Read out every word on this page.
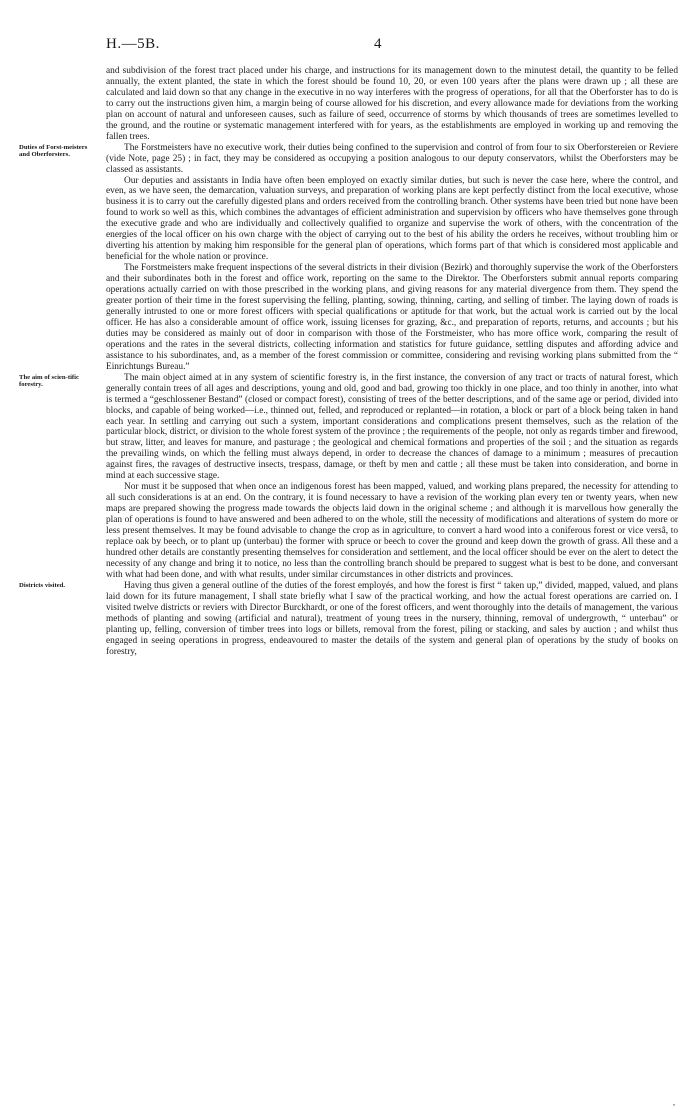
H.—5B.	4

and subdivision of the forest tract placed under his charge, and instructions for its management down to the minutest detail, the quantity to be felled annually, the extent planted, the state in which the forest should be found 10, 20, or even 100 years after the plans were drawn up ; all these are calculated and laid down so that any change in the executive in no way interferes with the progress of operations, for all that the Oberforster has to do is to carry out the instructions given him, a margin being of course allowed for his discretion, and every allowance made for deviations from the working plan on account of natural and unforeseen causes, such as failure of seed, occurrence of storms by which thousands of trees are sometimes levelled to the ground, and the routine or systematic management interfered with for years, as the establishments are employed in working up and removing the fallen trees.

Duties of Forst-meisters and Oberforsters.
The Forstmeisters have no executive work, their duties being confined to the supervision and control of from four to six Oberforstereien or Reviere (vide Note, page 25) ; in fact, they may be considered as occupying a position analogous to our deputy conservators, whilst the Oberforsters may be classed as assistants.

Our deputies and assistants in India have often been employed on exactly similar duties, but such is never the case here, where the control, and even, as we have seen, the demarcation, valuation surveys, and preparation of working plans are kept perfectly distinct from the local executive, whose business it is to carry out the carefully digested plans and orders received from the controlling branch. Other systems have been tried but none have been found to work so well as this, which combines the advantages of efficient administration and supervision by officers who have themselves gone through the executive grade and who are individually and collectively qualified to organize and supervise the work of others, with the concentration of the energies of the local officer on his own charge with the object of carrying out to the best of his ability the orders he receives, without troubling him or diverting his attention by making him responsible for the general plan of operations, which forms part of that which is considered most applicable and beneficial for the whole nation or province.

The Forstmeisters make frequent inspections of the several districts in their division (Bezirk) and thoroughly supervise the work of the Oberforsters and their subordinates both in the forest and office work, reporting on the same to the Direktor. The Oberforsters submit annual reports comparing operations actually carried on with those prescribed in the working plans, and giving reasons for any material divergence from them. They spend the greater portion of their time in the forest supervising the felling, planting, sowing, thinning, carting, and selling of timber. The laying down of roads is generally intrusted to one or more forest officers with special qualifications or aptitude for that work, but the actual work is carried out by the local officer. He has also a considerable amount of office work, issuing licenses for grazing, &c., and preparation of reports, returns, and accounts ; but his duties may be considered as mainly out of door in comparison with those of the Forstmeister, who has more office work, comparing the result of operations and the rates in the several districts, collecting information and statistics for future guidance, settling disputes and affording advice and assistance to his subordinates, and, as a member of the forest commission or committee, considering and revising working plans submitted from the “ Einrichtungs Bureau.”

The aim of scien-tific forestry.
The main object aimed at in any system of scientific forestry is, in the first instance, the conversion of any tract or tracts of natural forest, which generally contain trees of all ages and descriptions, young and old, good and bad, growing too thickly in one place, and too thinly in another, into what is termed a “geschlossener Bestand” (closed or compact forest), consisting of trees of the better descriptions, and of the same age or period, divided into blocks, and capable of being worked—i.e., thinned out, felled, and reproduced or replanted—in rotation, a block or part of a block being taken in hand each year. In settling and carrying out such a system, important considerations and complications present themselves, such as the relation of the particular block, district, or division to the whole forest system of the province ; the requirements of the people, not only as regards timber and firewood, but straw, litter, and leaves for manure, and pasturage ; the geological and chemical formations and properties of the soil ; and the situation as regards the prevailing winds, on which the felling must always depend, in order to decrease the chances of damage to a minimum ; measures of precaution against fires, the ravages of destructive insects, trespass, damage, or theft by men and cattle ; all these must be taken into consideration, and borne in mind at each successive stage.

Nor must it be supposed that when once an indigenous forest has been mapped, valued, and working plans prepared, the necessity for attending to all such considerations is at an end. On the contrary, it is found necessary to have a revision of the working plan every ten or twenty years, when new maps are prepared showing the progress made towards the objects laid down in the original scheme ; and although it is marvellous how generally the plan of operations is found to have answered and been adhered to on the whole, still the necessity of modifications and alterations of system do more or less present themselves. It may be found advisable to change the crop as in agriculture, to convert a hard wood into a coniferous forest or vice versâ, to replace oak by beech, or to plant up (unterbau) the former with spruce or beech to cover the ground and keep down the growth of grass. All these and a hundred other details are constantly presenting themselves for consideration and settlement, and the local officer should be ever on the alert to detect the necessity of any change and bring it to notice, no less than the controlling branch should be prepared to suggest what is best to be done, and conversant with what had been done, and with what results, under similar circumstances in other districts and provinces.

Districts visited.	Having thus given a general outline of the duties of the forest employés, and how the forest is first “ taken up,” divided, mapped, valued, and plans laid down for its future management, I shall state briefly what I saw of the practical working, and how the actual forest operations are carried on. I visited twelve districts or reviers with Director Burckhardt, or one of the forest officers, and went thoroughly into the details of management, the various methods of planting and sowing (artificial and natural), treatment of young trees in the nursery, thinning, removal of undergrowth, “ unterbau” or planting up, felling, conversion of timber trees into logs or billets, removal from the forest, piling or stacking, and sales by auction ; and whilst thus engaged in seeing operations in progress, endeavoured to master the details of the system and general plan of operations by the study of books on forestry,

,
